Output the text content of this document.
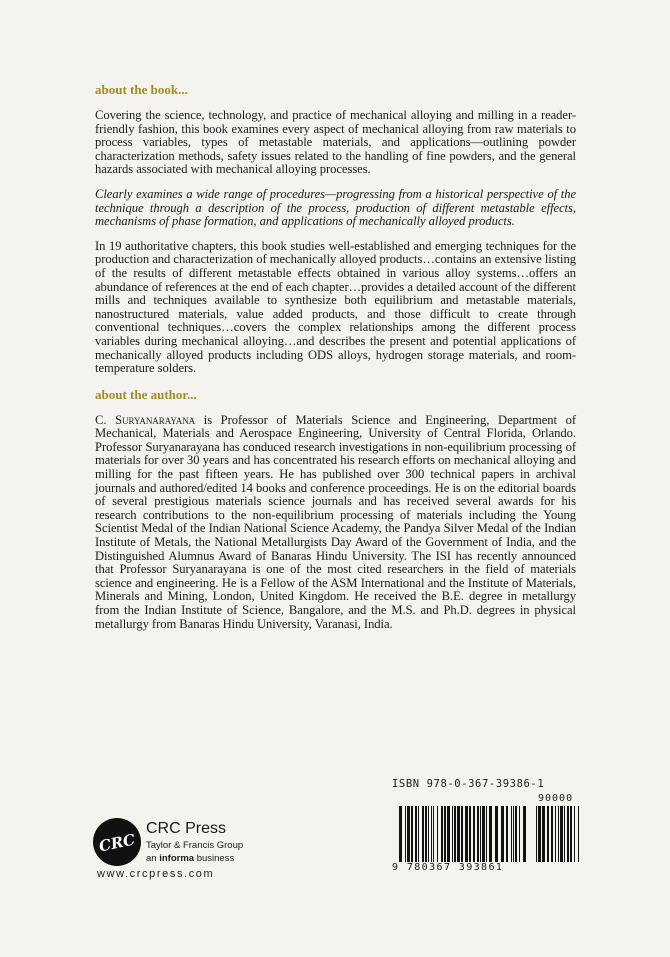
about the book...

Covering the science, technology, and practice of mechanical alloying and milling in a reader-friendly fashion, this book examines every aspect of mechanical alloying from raw materials to process variables, types of metastable materials, and applications—outlining powder characterization methods, safety issues related to the handling of fine powders, and the general hazards associated with mechanical alloying processes.

Clearly examines a wide range of procedures—progressing from a historical perspective of the technique through a description of the process, production of different metastable effects, mechanisms of phase formation, and applications of mechanically alloyed products.

In 19 authoritative chapters, this book studies well-established and emerging techniques for the production and characterization of mechanically alloyed products…contains an extensive listing of the results of different metastable effects obtained in various alloy systems…offers an abundance of references at the end of each chapter…provides a detailed account of the different mills and techniques available to synthesize both equilibrium and metastable materials, nanostructured materials, value added products, and those difficult to create through conventional techniques…covers the complex relationships among the different process variables during mechanical alloying…and describes the present and potential applications of mechanically alloyed products including ODS alloys, hydrogen storage materials, and room-temperature solders.

about the author...

C. Suryanarayana is Professor of Materials Science and Engineering, Department of Mechanical, Materials and Aerospace Engineering, University of Central Florida, Orlando. Professor Suryanarayana has conduced research investigations in non-equilibrium processing of materials for over 30 years and has concentrated his research efforts on mechanical alloying and milling for the past fifteen years. He has published over 300 technical papers in archival journals and authored/edited 14 books and conference proceedings. He is on the editorial boards of several prestigious materials science journals and has received several awards for his research contributions to the non-equilibrium processing of materials including the Young Scientist Medal of the Indian National Science Academy, the Pandya Silver Medal of the Indian Institute of Metals, the National Metallurgists Day Award of the Government of India, and the Distinguished Alumnus Award of Banaras Hindu University. The ISI has recently announced that Professor Suryanarayana is one of the most cited researchers in the field of materials science and engineering. He is a Fellow of the ASM International and the Institute of Materials, Minerals and Mining, London, United Kingdom. He received the B.E. degree in metallurgy from the Indian Institute of Science, Bangalore, and the M.S. and Ph.D. degrees in physical metallurgy from Banaras Hindu University, Varanasi, India.

ISBN 978-0-367-39386-1
90000
9 780367 393861
CRC
CRC Press
Taylor & Francis Group
an informa business
www.crcpress.com
